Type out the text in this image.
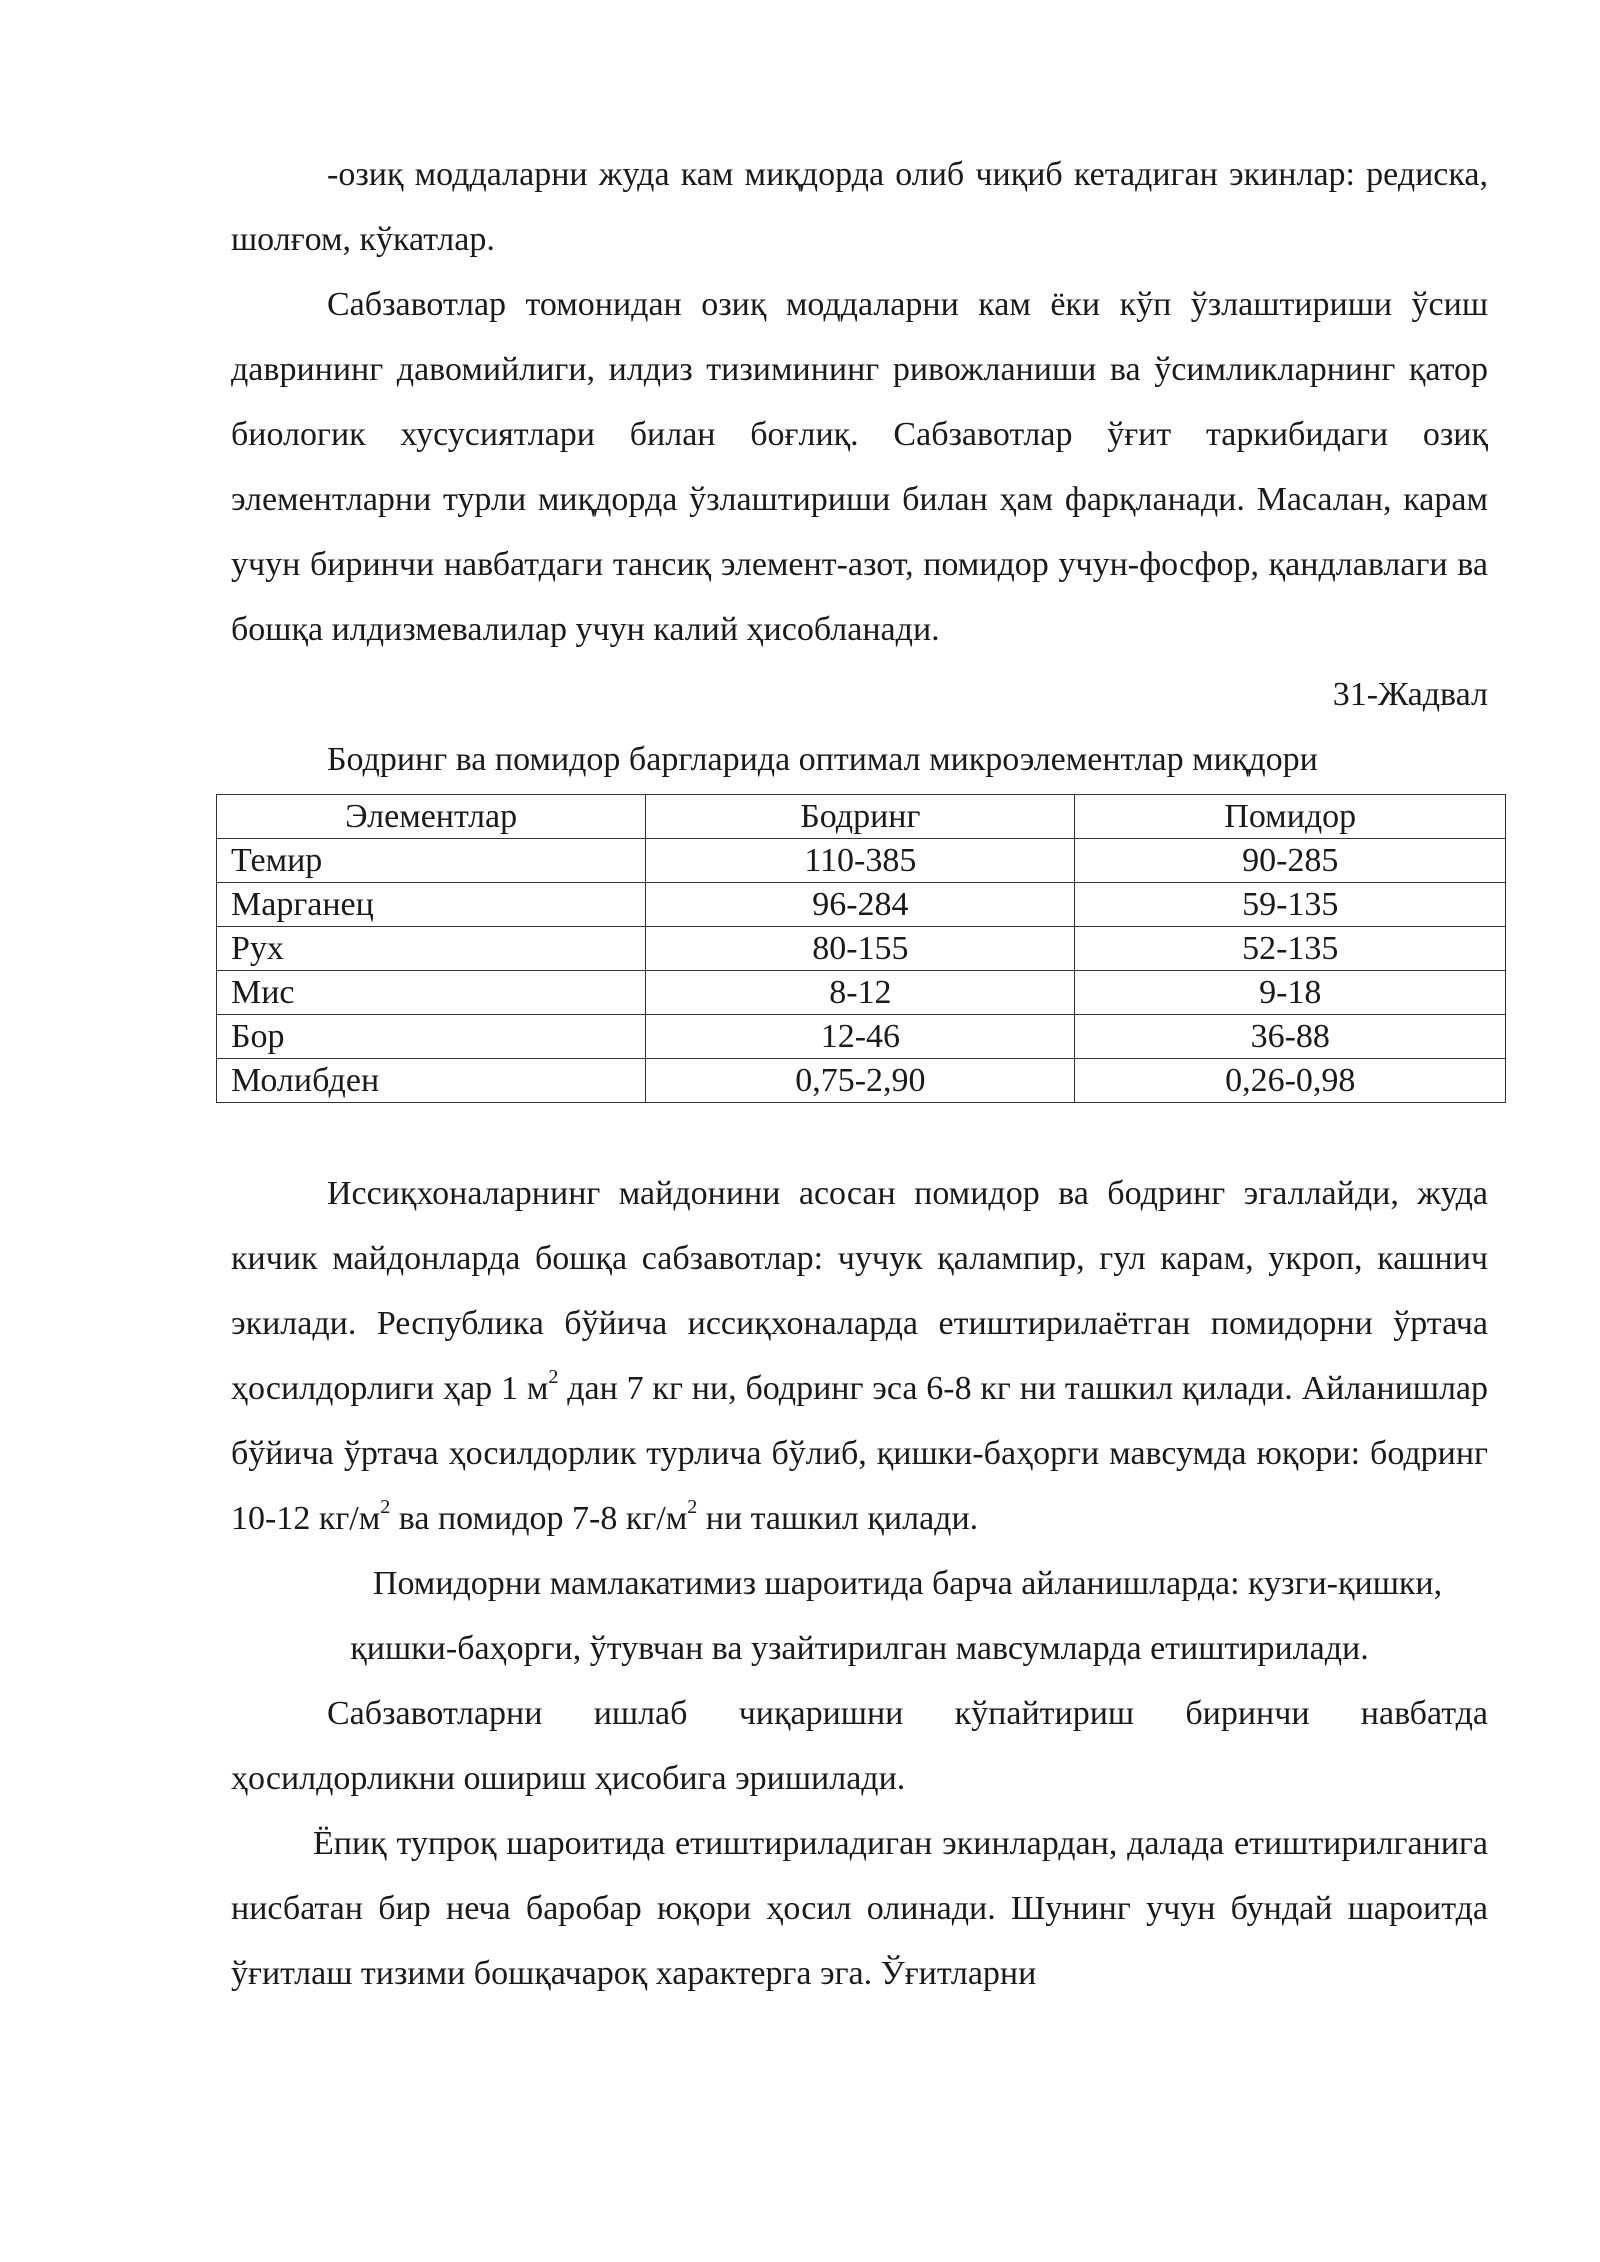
-озиқ моддаларни жуда кам миқдорда олиб чиқиб кетадиган экинлар: редиска, шолғом, кўкатлар.

Сабзавотлар томонидан озиқ моддаларни кам ёки кўп ўзлаштириши ўсиш даврининг давомийлиги, илдиз тизимининг ривожланиши ва ўсимликларнинг қатор биологик хусусиятлари билан боғлиқ. Сабзавотлар ўғит таркибидаги озиқ элементларни турли миқдорда ўзлаштириши билан ҳам фарқланади. Масалан, карам учун биринчи навбатдаги тансиқ элемент-азот, помидор учун-фосфор, қандлавлаги ва бошқа илдизмевалилар учун калий ҳисобланади.

31-Жадвал
Бодринг ва помидор баргларида оптимал микроэлементлар миқдори
Элементлар	Бодринг	Помидор
Темир	110-385	90-285
Марганец	96-284	59-135
Рух	80-155	52-135
Мис	8-12	9-18
Бор	12-46	36-88
Молибден	0,75-2,90	0,26-0,98

Иссиқхоналарнинг майдонини асосан помидор ва бодринг эгаллайди, жуда кичик майдонларда бошқа сабзавотлар: чучук қалампир, гул карам, укроп, кашнич экилади. Республика бўйича иссиқхоналарда етиштирилаётган помидорни ўртача ҳосилдорлиги ҳар 1 $м^2$ дан 7 кг ни, бодринг эса 6-8 кг ни ташкил қилади. Айланишлар бўйича ўртача ҳосилдорлик турлича бўлиб, қишки-баҳорги мавсумда юқори: бодринг 10-12 $кг/м^2$ ва помидор 7-8 $кг/м^2$ ни ташкил қилади.

Помидорни мамлакатимиз шароитида барча айланишларда: кузги-қишки, қишки-баҳорги, ўтувчан ва узайтирилган мавсумларда етиштирилади.

Сабзавотларни ишлаб чиқаришни кўпайтириш биринчи навбатда ҳосилдорликни ошириш ҳисобига эришилади.

Ёпиқ тупроқ шароитида етиштириладиган экинлардан, далада етиштирилганига нисбатан бир неча баробар юқори ҳосил олинади. Шунинг учун бундай шароитда ўғитлаш тизими бошқачароқ характерга эга. Ўғитларни
